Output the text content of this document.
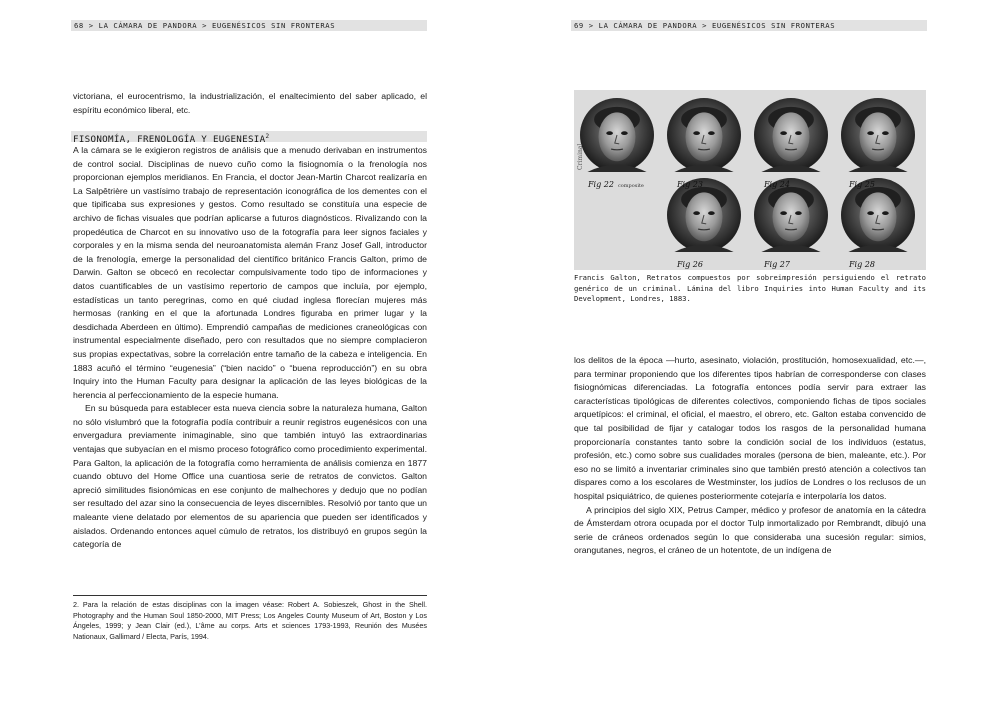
68 > LA CÁMARA DE PANDORA > EUGENÉSICOS SIN FRONTERAS

victoriana, el eurocentrismo, la industrialización, el enaltecimiento del saber aplicado, el espíritu económico liberal, etc.

FISONOMÍA, FRENOLOGÍA Y EUGENESIA$^2$

A la cámara se le exigieron registros de análisis que a menudo derivaban en instrumentos de control social. Disciplinas de nuevo cuño como la fisiognomía o la frenología nos proporcionan ejemplos meridianos. En Francia, el doctor Jean-Martin Charcot realizaría en La Salpêtrière un vastísimo trabajo de representación iconográfica de los dementes con el que tipificaba sus expresiones y gestos. Como resultado se constituía una especie de archivo de fichas visuales que podrían aplicarse a futuros diagnósticos. Rivalizando con la propedéutica de Charcot en su innovativo uso de la fotografía para leer signos faciales y corporales y en la misma senda del neuroanatomista alemán Franz Josef Gall, introductor de la frenología, emerge la personalidad del científico británico Francis Galton, primo de Darwin. Galton se obcecó en recolectar compulsivamente todo tipo de informaciones y datos cuantificables de un vastísimo repertorio de campos que incluía, por ejemplo, estadísticas un tanto peregrinas, como en qué ciudad inglesa florecían mujeres más hermosas (ranking en el que la afortunada Londres figuraba en primer lugar y la desdichada Aberdeen en último). Emprendió campañas de mediciones craneológicas con instrumental especialmente diseñado, pero con resultados que no siempre complacieron sus propias expectativas, sobre la correlación entre tamaño de la cabeza e inteligencia. En 1883 acuñó el término “eugenesia” (“bien nacido” o “buena reproducción”) en su obra Inquiry into the Human Faculty para designar la aplicación de las leyes biológicas de la herencia al perfeccionamiento de la especie humana.

En su búsqueda para establecer esta nueva ciencia sobre la naturaleza humana, Galton no sólo vislumbró que la fotografía podía contribuir a reunir registros eugenésicos con una envergadura previamente inimaginable, sino que también intuyó las extraordinarias ventajas que subyacían en el mismo proceso fotográfico como procedimiento experimental. Para Galton, la aplicación de la fotografía como herramienta de análisis comienza en 1877 cuando obtuvo del Home Office una cuantiosa serie de retratos de convictos. Galton apreció similitudes fisionómicas en ese conjunto de malhechores y dedujo que no podían ser resultado del azar sino la consecuencia de leyes discernibles. Resolvió por tanto que un maleante viene delatado por elementos de su apariencia que pueden ser identificados y aislados. Ordenando entonces aquel cúmulo de retratos, los distribuyó en grupos según la categoría de

2. Para la relación de estas disciplinas con la imagen véase: Robert A. Sobieszek, Ghost in the Shell. Photography and the Human Soul 1850-2000, MIT Press; Los Angeles County Museum of Art, Boston y Los Ángeles, 1999; y Jean Clair (ed.), L’âme au corps. Arts et sciences 1793-1993, Reunión des Musées Nationaux, Gallimard / Electa, París, 1994.
69 > LA CÁMARA DE PANDORA > EUGENÉSICOS SIN FRONTERAS
Criminal
composite
Fig 22	Fig 23	Fig 24	Fig 25
Fig 26	Fig 27	Fig 28
Francis Galton, Retratos compuestos por sobreimpresión persiguiendo el retrato genérico de un criminal. Lámina del libro Inquiries into Human Faculty and its Development, Londres, 1883.

los delitos de la época —hurto, asesinato, violación, prostitución, homosexualidad, etc.—, para terminar proponiendo que los diferentes tipos habrían de corresponderse con clases fisiognómicas diferenciadas. La fotografía entonces podía servir para extraer las características tipológicas de diferentes colectivos, componiendo fichas de tipos sociales arquetípicos: el criminal, el oficial, el maestro, el obrero, etc. Galton estaba convencido de que tal posibilidad de fijar y catalogar todos los rasgos de la personalidad humana proporcionaría constantes tanto sobre la condición social de los individuos (estatus, profesión, etc.) como sobre sus cualidades morales (persona de bien, maleante, etc.). Por eso no se limitó a inventariar criminales sino que también prestó atención a colectivos tan dispares como a los escolares de Westminster, los judíos de Londres o los reclusos de un hospital psiquiátrico, de quienes posteriormente cotejaría e interpolaría los datos.

A principios del siglo XIX, Petrus Camper, médico y profesor de anatomía en la cátedra de Ámsterdam otrora ocupada por el doctor Tulp inmortalizado por Rembrandt, dibujó una serie de cráneos ordenados según lo que consideraba una sucesión regular: simios, orangutanes, negros, el cráneo de un hotentote, de un indígena de
